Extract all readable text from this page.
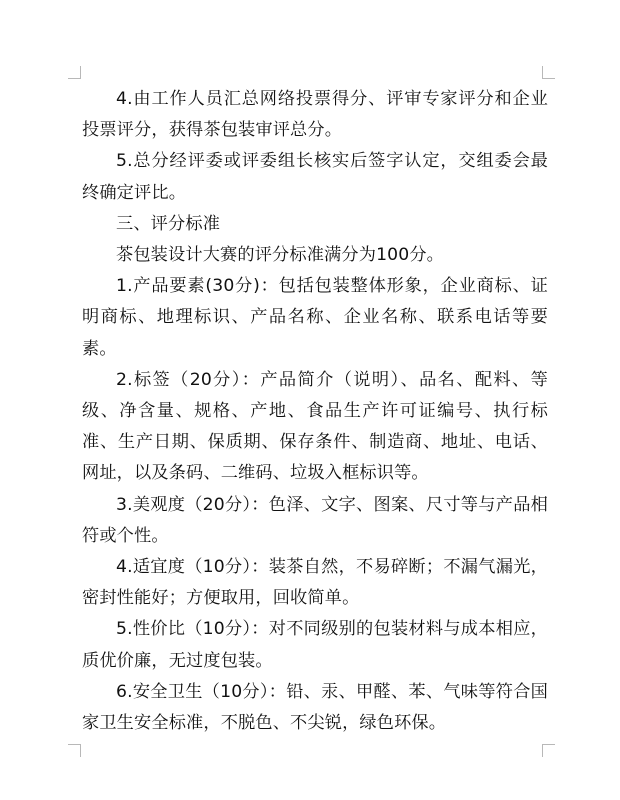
4.由工作人员汇总网络投票得分、评审专家评分和企业投票评分，获得茶包装审评总分。

5.总分经评委或评委组长核实后签字认定，交组委会最终确定评比。

三、评分标准

茶包装设计大赛的评分标准满分为100分。

1.产品要素(30分)：包括包装整体形象，企业商标、证明商标、地理标识、产品名称、企业名称、联系电话等要素。

2.标签（20分）：产品简介（说明）、品名、配料、等级、净含量、规格、产地、食品生产许可证编号、执行标准、生产日期、保质期、保存条件、制造商、地址、电话、网址，以及条码、二维码、垃圾入框标识等。

3.美观度（20分）：色泽、文字、图案、尺寸等与产品相符或个性。

4.适宜度（10分）：装茶自然，不易碎断；不漏气漏光，密封性能好；方便取用，回收简单。

5.性价比（10分）：对不同级别的包装材料与成本相应，质优价廉，无过度包装。

6.安全卫生（10分）：铅、汞、甲醛、苯、气味等符合国家卫生安全标准，不脱色、不尖锐，绿色环保。
